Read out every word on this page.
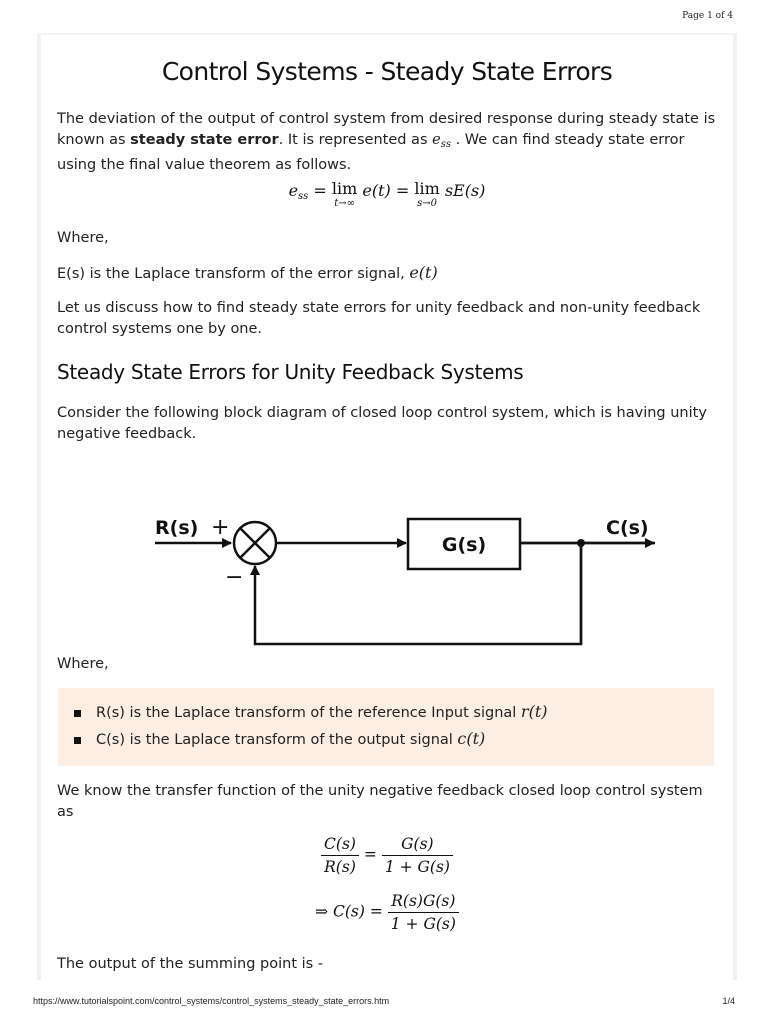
Page 1 of 4
Control Systems - Steady State Errors
The deviation of the output of control system from desired response during steady state is known as steady state error. It is represented as $e_{ss}$ . We can find steady state error using the final value theorem as follows.
$e_{ss} = \lim$
t→∞
e(t) = lim
s→0
sE(s)
Where,
E(s) is the Laplace transform of the error signal, e(t)
Let us discuss how to find steady state errors for unity feedback and non-unity feedback control systems one by one.
Steady State Errors for Unity Feedback Systems
Consider the following block diagram of closed loop control system, which is having unity negative feedback.
R(s) +
−
G(s)
C(s)
Where,
R(s) is the Laplace transform of the reference Input signal r(t)
C(s) is the Laplace transform of the output signal c(t)
We know the transfer function of the unity negative feedback closed loop control system as
$\frac{C(s)}{R(s)} = \frac{G(s)}{1 + G(s)}$
⇒ $C(s) = \frac{R(s)G(s)}{1 + G(s)}$
The output of the summing point is -
https://www.tutorialspoint.com/control_systems/control_systems_steady_state_errors.htm	1/4
